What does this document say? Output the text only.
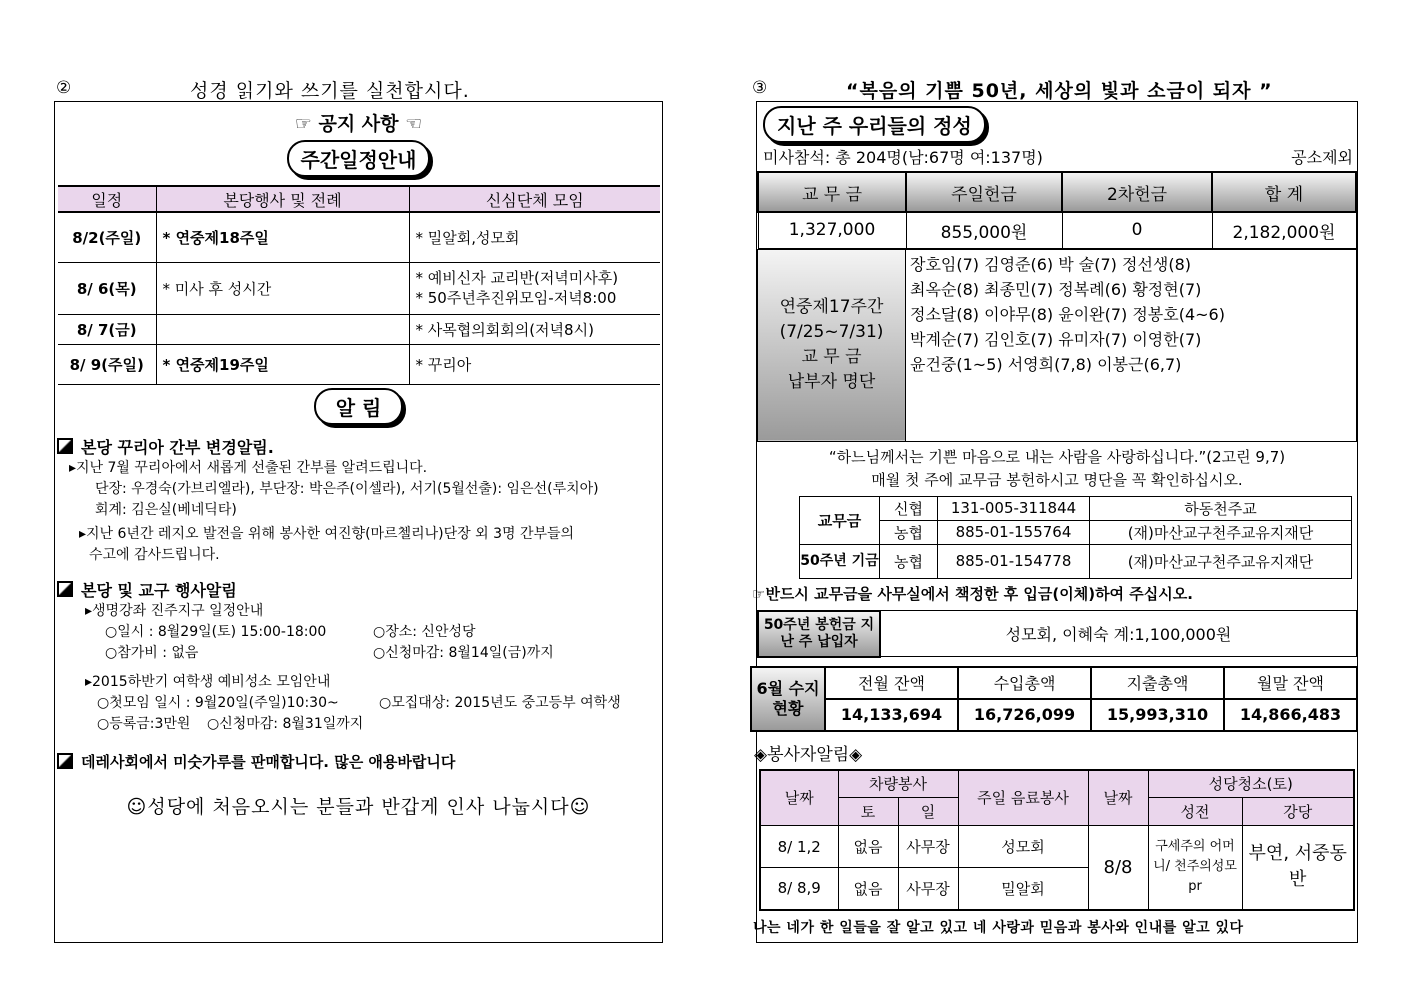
②	성경 읽기와 쓰기를 실천합시다.
☞ 공지 사항 ☜
주간일정안내
일정	본당행사 및 전례	신심단체 모임
8/2(주일)	* 연중제18주일	* 밀알회,성모회
8/ 6(목)	* 미사 후 성시간	* 예비신자 교리반(저녁미사후)
* 50주년추진위모임-저녁8:00

8/ 7(금)		* 사목협의회회의(저녁8시)
8/ 9(주일)	* 연중제19주일	* 꾸리아
알 림
본당 꾸리아 간부 변경알림.
▸지난 7월 꾸리아에서 새롭게 선출된 간부를 알려드립니다.
단장: 우경숙(가브리엘라), 부단장: 박은주(이셀라), 서기(5월선출): 임은선(루치아)
회계: 김은실(베네딕타)
▸지난 6년간 레지오 발전을 위해 봉사한 여진향(마르첼리나)단장 외 3명 간부들의
수고에 감사드립니다.
본당 및 교구 행사알림
▸생명강좌 진주지구 일정안내
○일시 : 8월29일(토) 15:00-18:00	○장소: 신안성당
○참가비 : 없음	○신청마감: 8월14일(금)까지
▸2015하반기 여학생 예비성소 모임안내
○첫모임 일시 : 9월20일(주일)10:30~	○모집대상: 2015년도 중고등부 여학생
○등록금:3만원	○신청마감: 8월31일까지
데레사회에서 미숫가루를 판매합니다. 많은 애용바랍니다
☺성당에 처음오시는 분들과 반갑게 인사 나눕시다☺
③	“복음의 기쁨 50년, 세상의 빛과 소금이 되자 ”
지난 주 우리들의 정성
미사참석: 총 204명(남:67명 여:137명)	공소제외
교 무 금	주일헌금	2차헌금	합 계
1,327,000	855,000원	0	2,182,000원
연중제17주간
(7/25~7/31)
교 무 금
납부자 명단

장호임(7) 김영준(6) 박 술(7) 정선생(8)
최옥순(8) 최종민(7) 정복례(6) 황정현(7)
정소달(8) 이야무(8) 윤이완(7) 정봉호(4~6)
박계순(7) 김인호(7) 유미자(7) 이영한(7)
윤건중(1~5) 서영희(7,8) 이봉근(6,7)
“하느님께서는 기쁜 마음으로 내는 사람을 사랑하십니다.”(2고린 9,7)
매월 첫 주에 교무금 봉헌하시고 명단을 꼭 확인하십시오.
교무금	신협	131-005-311844	하동천주교
	농협	885-01-155764	(재)마산교구천주교유지재단
50주년 기금	농협	885-01-154778	(재)마산교구천주교유지재단
☞반드시 교무금을 사무실에서 책정한 후 입금(이체)하여 주십시오.
50주년 봉헌금 지난 주 납입자	성모회, 이혜숙 계:1,100,000원
6월 수지현황	전월 잔액	수입총액	지출총액	월말 잔액
	14,133,694	16,726,099	15,993,310	14,866,483
◈봉사자알림◈
날짜	차량봉사		주일 음료봉사	날짜	성당청소(토)	
	토	일			성전	강당
8/ 1,2	없음	사무장	성모회	8/8	구세주의 어머니/ 천주의성모pr	부연, 서중동반
8/ 8,9	없음	사무장	밀알회			
나는 네가 한 일들을 잘 알고 있고 네 사랑과 믿음과 봉사와 인내를 알고 있다
